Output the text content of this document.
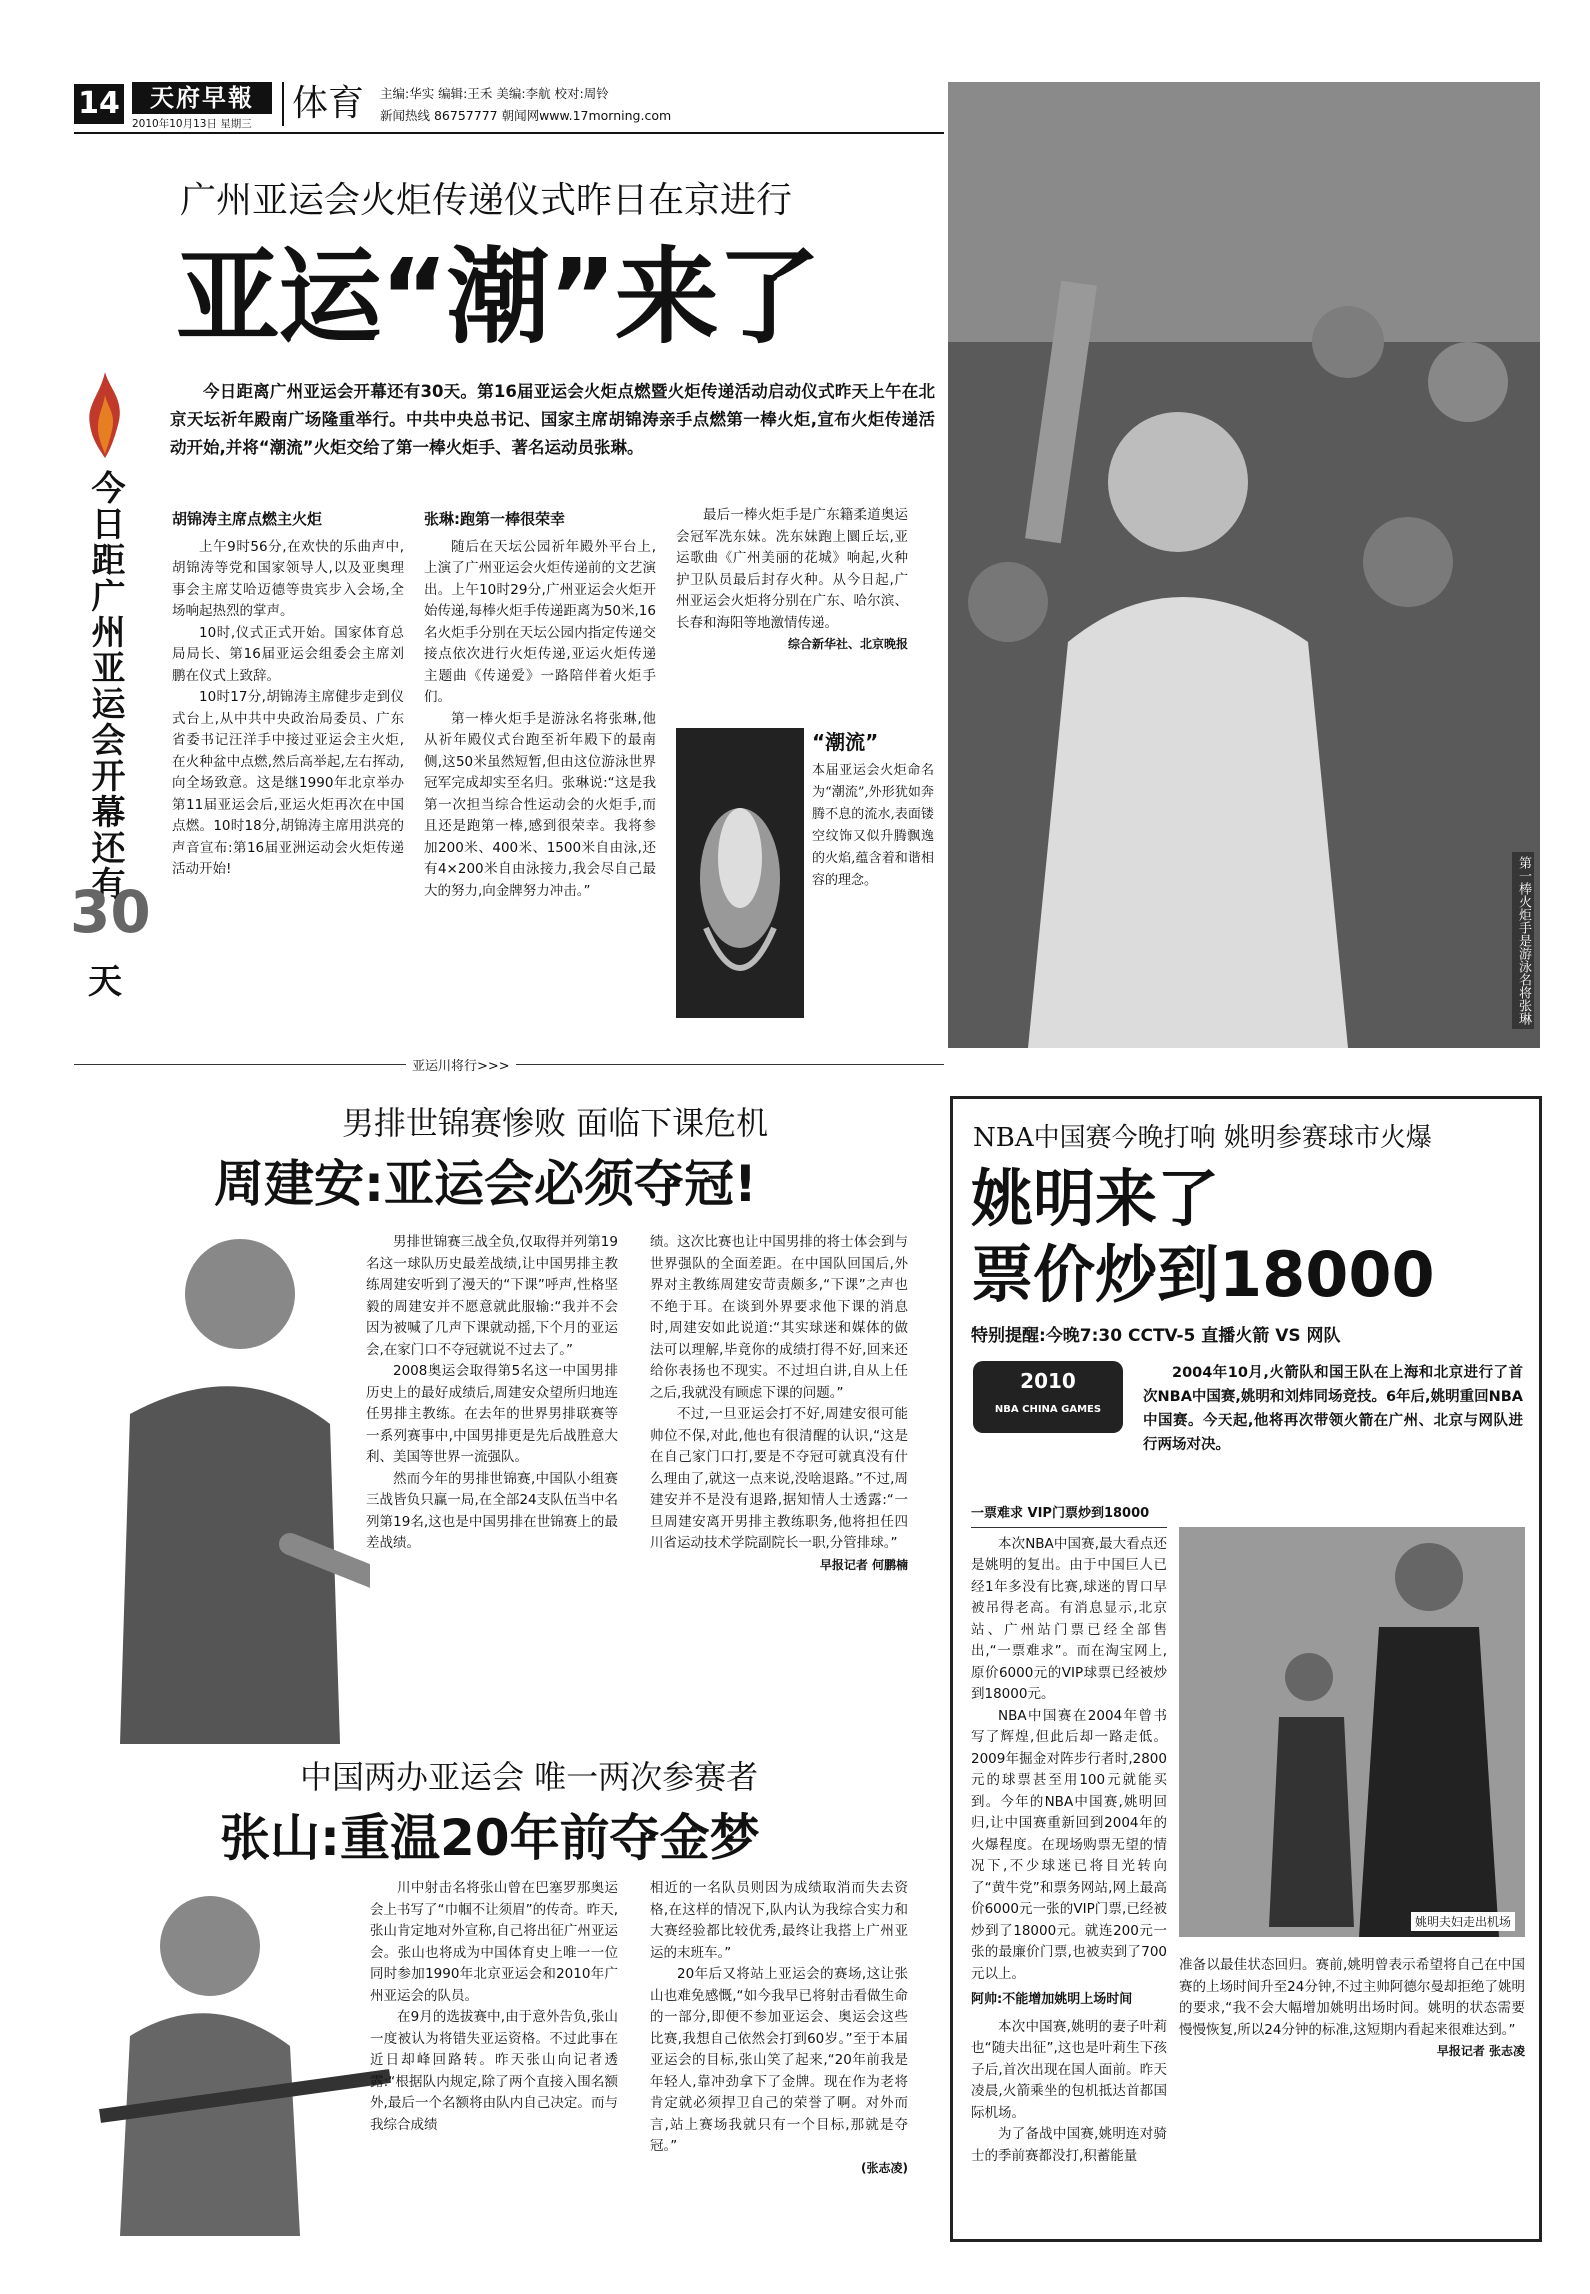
14	天府早報
2010年10月13日 星期三 体育 主编:华实 编辑:王禾 美编:李航 校对:周铃
新闻热线 86757777 朝闻网www.17morning.com
广州亚运会火炬传递仪式昨日在京进行
亚运“潮”来了
今日距广州亚运会开幕还有
30
天
今日距离广州亚运会开幕还有30天。第16届亚运会火炬点燃暨火炬传递活动启动仪式昨天上午在北京天坛祈年殿南广场隆重举行。中共中央总书记、国家主席胡锦涛亲手点燃第一棒火炬,宣布火炬传递活动开始,并将“潮流”火炬交给了第一棒火炬手、著名运动员张琳。

胡锦涛主席点燃主火炬

上午9时56分,在欢快的乐曲声中,胡锦涛等党和国家领导人,以及亚奥理事会主席艾哈迈德等贵宾步入会场,全场响起热烈的掌声。

10时,仪式正式开始。国家体育总局局长、第16届亚运会组委会主席刘鹏在仪式上致辞。

10时17分,胡锦涛主席健步走到仪式台上,从中共中央政治局委员、广东省委书记汪洋手中接过亚运会主火炬,在火种盆中点燃,然后高举起,左右挥动,向全场致意。这是继1990年北京举办第11届亚运会后,亚运火炬再次在中国点燃。10时18分,胡锦涛主席用洪亮的声音宣布:第16届亚洲运动会火炬传递活动开始!

张琳:跑第一棒很荣幸

随后在天坛公园祈年殿外平台上,上演了广州亚运会火炬传递前的文艺演出。上午10时29分,广州亚运会火炬开始传递,每棒火炬手传递距离为50米,16名火炬手分别在天坛公园内指定传递交接点依次进行火炬传递,亚运火炬传递主题曲《传递爱》一路陪伴着火炬手们。

第一棒火炬手是游泳名将张琳,他从祈年殿仪式台跑至祈年殿下的最南侧,这50米虽然短暂,但由这位游泳世界冠军完成却实至名归。张琳说:“这是我第一次担当综合性运动会的火炬手,而且还是跑第一棒,感到很荣幸。我将参加200米、400米、1500米自由泳,还有4×200米自由泳接力,我会尽自己最大的努力,向金牌努力冲击。”

最后一棒火炬手是广东籍柔道奥运会冠军冼东妹。冼东妹跑上圜丘坛,亚运歌曲《广州美丽的花城》响起,火种护卫队员最后封存火种。从今日起,广州亚运会火炬将分别在广东、哈尔滨、长春和海阳等地激情传递。

综合新华社、北京晚报

“潮流”
本届亚运会火炬命名为“潮流”,外形犹如奔腾不息的流水,表面镂空纹饰又似升腾飘逸的火焰,蕴含着和谐相容的理念。	第一棒火炬手是游泳名将张琳
亚运川将行>>>
男排世锦赛惨败 面临下课危机
周建安:亚运会必须夺冠!

男排世锦赛三战全负,仅取得并列第19名这一球队历史最差战绩,让中国男排主教练周建安听到了漫天的“下课”呼声,性格坚毅的周建安并不愿意就此服输:“我并不会因为被喊了几声下课就动摇,下个月的亚运会,在家门口不夺冠就说不过去了。”

2008奥运会取得第5名这一中国男排历史上的最好成绩后,周建安众望所归地连任男排主教练。在去年的世界男排联赛等一系列赛事中,中国男排更是先后战胜意大利、美国等世界一流强队。

然而今年的男排世锦赛,中国队小组赛三战皆负只赢一局,在全部24支队伍当中名列第19名,这也是中国男排在世锦赛上的最差战绩。

绩。这次比赛也让中国男排的将士体会到与世界强队的全面差距。在中国队回国后,外界对主教练周建安苛责颇多,“下课”之声也不绝于耳。在谈到外界要求他下课的消息时,周建安如此说道:“其实球迷和媒体的做法可以理解,毕竟你的成绩打得不好,回来还给你表扬也不现实。不过坦白讲,自从上任之后,我就没有顾虑下课的问题。”

不过,一旦亚运会打不好,周建安很可能帅位不保,对此,他也有很清醒的认识,“这是在自己家门口打,要是不夺冠可就真没有什么理由了,就这一点来说,没啥退路。”不过,周建安并不是没有退路,据知情人士透露:“一旦周建安离开男排主教练职务,他将担任四川省运动技术学院副院长一职,分管排球。”

早报记者 何鹏楠

中国两办亚运会 唯一两次参赛者
张山:重温20年前夺金梦

川中射击名将张山曾在巴塞罗那奥运会上书写了“巾帼不让须眉”的传奇。昨天,张山肯定地对外宣称,自己将出征广州亚运会。张山也将成为中国体育史上唯一一位同时参加1990年北京亚运会和2010年广州亚运会的队员。

在9月的选拔赛中,由于意外告负,张山一度被认为将错失亚运资格。不过此事在近日却峰回路转。昨天张山向记者透露:“根据队内规定,除了两个直接入围名额外,最后一个名额将由队内自己决定。而与我综合成绩

相近的一名队员则因为成绩取消而失去资格,在这样的情况下,队内认为我综合实力和大赛经验都比较优秀,最终让我搭上广州亚运的末班车。”

20年后又将站上亚运会的赛场,这让张山也难免感慨,“如今我早已将射击看做生命的一部分,即便不参加亚运会、奥运会这些比赛,我想自己依然会打到60岁。”至于本届亚运会的目标,张山笑了起来,“20年前我是年轻人,靠冲劲拿下了金牌。现在作为老将肯定就必须捍卫自己的荣誉了啊。对外而言,站上赛场我就只有一个目标,那就是夺冠。”

(张志凌)

NBA中国赛今晚打响 姚明参赛球市火爆
姚明来了
票价炒到18000
特别提醒:今晚7:30 CCTV-5 直播火箭 VS 网队
2010
NBA CHINA GAMES
2004年10月,火箭队和国王队在上海和北京进行了首次NBA中国赛,姚明和刘炜同场竞技。6年后,姚明重回NBA中国赛。今天起,他将再次带领火箭在广州、北京与网队进行两场对决。

一票难求 VIP门票炒到18000

本次NBA中国赛,最大看点还是姚明的复出。由于中国巨人已经1年多没有比赛,球迷的胃口早被吊得老高。有消息显示,北京站、广州站门票已经全部售出,“一票难求”。而在淘宝网上,原价6000元的VIP球票已经被炒到18000元。

NBA中国赛在2004年曾书写了辉煌,但此后却一路走低。2009年掘金对阵步行者时,2800元的球票甚至用100元就能买到。今年的NBA中国赛,姚明回归,让中国赛重新回到2004年的火爆程度。在现场购票无望的情况下,不少球迷已将目光转向了“黄牛党”和票务网站,网上最高价6000元一张的VIP门票,已经被炒到了18000元。就连200元一张的最廉价门票,也被卖到了700元以上。

阿帅:不能增加姚明上场时间

本次中国赛,姚明的妻子叶莉也“随夫出征”,这也是叶莉生下孩子后,首次出现在国人面前。昨天凌晨,火箭乘坐的包机抵达首都国际机场。

为了备战中国赛,姚明连对骑士的季前赛都没打,积蓄能量

姚明夫妇走出机场

准备以最佳状态回归。赛前,姚明曾表示希望将自己在中国赛的上场时间升至24分钟,不过主帅阿德尔曼却拒绝了姚明的要求,“我不会大幅增加姚明出场时间。姚明的状态需要慢慢恢复,所以24分钟的标准,这短期内看起来很难达到。”

早报记者 张志凌
